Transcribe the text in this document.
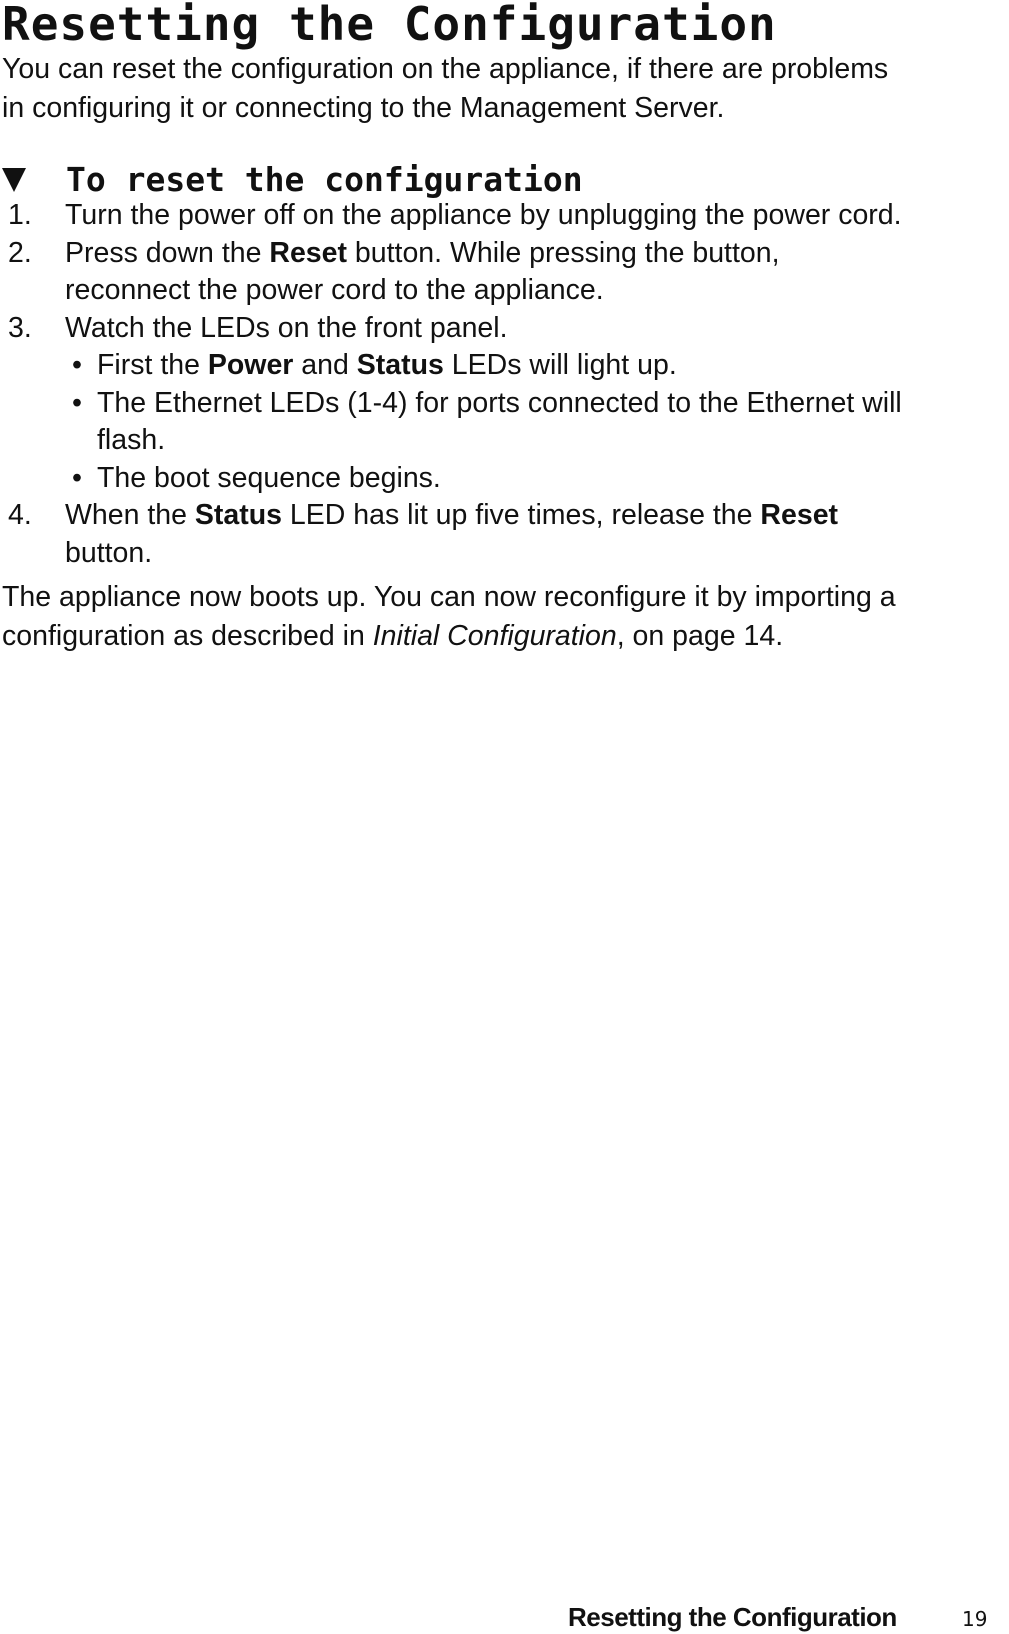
Resetting the Configuration

You can reset the configuration on the appliance, if there are problems
in configuring it or connecting to the Management Server.

To reset the configuration
1. Turn the power off on the appliance by unplugging the power cord.
2. Press down the Reset button. While pressing the button,
reconnect the power cord to the appliance.
3. Watch the LEDs on the front panel.
• First the Power and Status LEDs will light up.
• The Ethernet LEDs (1-4) for ports connected to the Ethernet will
flash.
• The boot sequence begins.
4. When the Status LED has lit up five times, release the Reset
button.

The appliance now boots up. You can now reconfigure it by importing a
configuration as described in Initial Configuration, on page 14.

Resetting the Configuration	19
